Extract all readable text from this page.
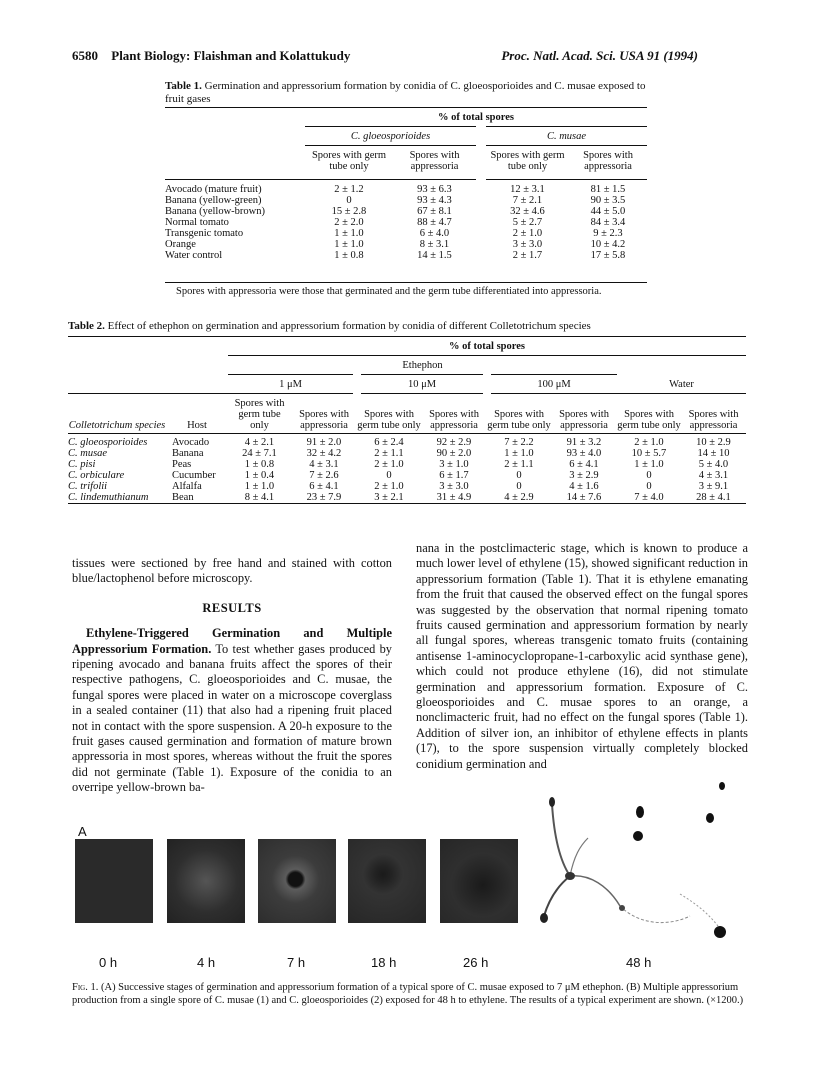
6580 Plant Biology: Flaishman and Kolattukudy	Proc. Natl. Acad. Sci. USA 91 (1994)
Table 1. Germination and appressorium formation by conidia of C. gloeosporioides and C. musae exposed to fruit gases
	% of total spores			
	C. gloeosporioides		C. musae	
	Spores with germ tube only	Spores with appressoria	Spores with germ tube only	Spores with appressoria
Avocado (mature fruit)	2 ± 1.2	93 ± 6.3	12 ± 3.1	81 ± 1.5
Banana (yellow-green)	0	93 ± 4.3	7 ± 2.1	90 ± 3.5
Banana (yellow-brown)	15 ± 2.8	67 ± 8.1	32 ± 4.6	44 ± 5.0
Normal tomato	2 ± 2.0	88 ± 4.7	5 ± 2.7	84 ± 3.4
Transgenic tomato	1 ± 1.0	6 ± 4.0	2 ± 1.0	9 ± 2.3
Orange	1 ± 1.0	8 ± 3.1	3 ± 3.0	10 ± 4.2
Water control	1 ± 0.8	14 ± 1.5	2 ± 1.7	17 ± 5.8
Spores with appressoria were those that germinated and the germ tube differentiated into appressoria.
Table 2. Effect of ethephon on germination and appressorium formation by conidia of different Colletotrichum species
		% of total spores							
		Ethephon							
		1 μM		10 μM		100 μM		Water	
Colletotrichum species	Host	Spores with germ tube only	Spores with appressoria	Spores with germ tube only	Spores with appressoria	Spores with germ tube only	Spores with appressoria	Spores with germ tube only	Spores with appressoria
C. gloeosporioides	Avocado	4 ± 2.1	91 ± 2.0	6 ± 2.4	92 ± 2.9	7 ± 2.2	91 ± 3.2	2 ± 1.0	10 ± 2.9
C. musae	Banana	24 ± 7.1	32 ± 4.2	2 ± 1.1	90 ± 2.0	1 ± 1.0	93 ± 4.0	10 ± 5.7	14 ± 10
C. pisi	Peas	1 ± 0.8	4 ± 3.1	2 ± 1.0	3 ± 1.0	2 ± 1.1	6 ± 4.1	1 ± 1.0	5 ± 4.0
C. orbiculare	Cucumber	1 ± 0.4	7 ± 2.6	0	6 ± 1.7	0	3 ± 2.9	0	4 ± 3.1
C. trifolii	Alfalfa	1 ± 1.0	6 ± 4.1	2 ± 1.0	3 ± 3.0	0	4 ± 1.6	0	3 ± 9.1
C. lindemuthianum	Bean	8 ± 4.1	23 ± 7.9	3 ± 2.1	31 ± 4.9	4 ± 2.9	14 ± 7.6	7 ± 4.0	28 ± 4.1

tissues were sectioned by free hand and stained with cotton blue/lactophenol before microscopy.

RESULTS

Ethylene-Triggered Germination and Multiple Appressorium Formation. To test whether gases produced by ripening avocado and banana fruits affect the spores of their respective pathogens, C. gloeosporioides and C. musae, the fungal spores were placed in water on a microscope coverglass in a sealed container (11) that also had a ripening fruit placed not in contact with the spore suspension. A 20-h exposure to the fruit gases caused germination and formation of mature brown appressoria in most spores, whereas without the fruit the spores did not germinate (Table 1). Exposure of the conidia to an overripe yellow-brown ba-

nana in the postclimacteric stage, which is known to produce a much lower level of ethylene (15), showed significant reduction in appressorium formation (Table 1). That it is ethylene emanating from the fruit that caused the observed effect on the fungal spores was suggested by the observation that normal ripening tomato fruits caused germination and appressorium formation by nearly all fungal spores, whereas transgenic tomato fruits (containing antisense 1-aminocyclopropane-1-carboxylic acid synthase gene), which could not produce ethylene (16), did not stimulate germination and appressorium formation. Exposure of C. gloeosporioides and C. musae spores to an orange, a nonclimacteric fruit, had no effect on the fungal spores (Table 1). Addition of silver ion, an inhibitor of ethylene effects in plants (17), to the spore suspension virtually completely blocked conidium germination and

A
0 h	4 h	7 h	18 h	26 h	48 h
Fig. 1. (A) Successive stages of germination and appressorium formation of a typical spore of C. musae exposed to 7 μM ethephon. (B) Multiple appressorium production from a single spore of C. musae (1) and C. gloeosporioides (2) exposed for 48 h to ethylene. The results of a typical experiment are shown. (×1200.)
